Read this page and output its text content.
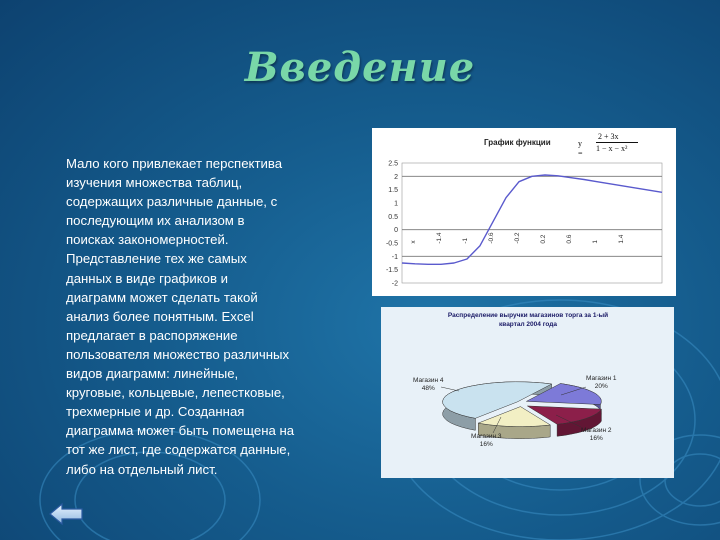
Введение
Мало кого привлекает перспектива
изучения множества таблиц,
содержащих различные данные, с
последующим их анализом в
поисках закономерностей.
Представление тех же самых
данных в виде графиков и
диаграмм может сделать такой
анализ более понятным. Excel
предлагает в распоряжение
пользователя множество различных
видов диаграмм: линейные,
круговые, кольцевые, лепестковые,
трехмерные и др. Созданная
диаграмма может быть помещена на
тот же лист, где содержатся данные,
либо на отдельный лист.
График функции	y =
2 + 3x
1 − x − x²
2.5
2
1.5
1
0.5
0
-0.5
-1
-1.5
-2
x	-1.4	-1	-0.6	-0.2	0.2	0.6	1	1.4
Распределение выручки магазинов торга за 1-ый
квартал 2004 года
Магазин 1
20%
Магазин 2
16%
Магазин 3
16%
Магазин 4
48%
